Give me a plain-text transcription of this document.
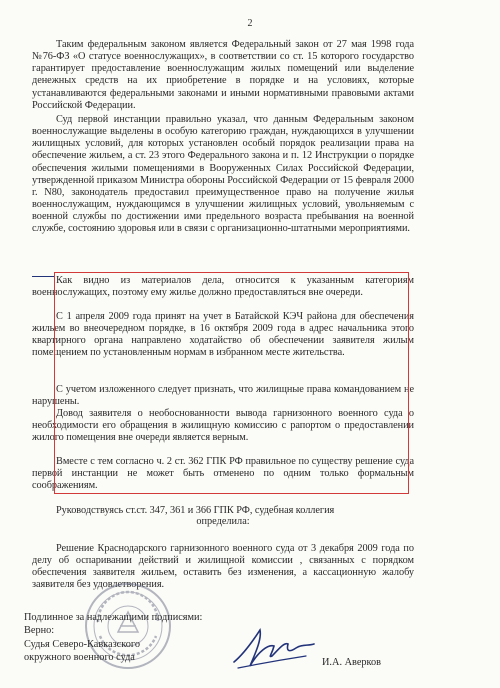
2

Таким федеральным законом является Федеральный закон от 27 мая 1998 года №76-ФЗ «О статусе военнослужащих», в соответствии со ст. 15 которого государство гарантирует предоставление военнослужащим жилых помещений или выделение денежных средств на их приобретение в порядке и на условиях, которые устанавливаются федеральными законами и иными нормативными правовыми актами Российской Федерации.

Суд первой инстанции правильно указал, что данным Федеральным законом военнослужащие выделены в особую категорию граждан, нуждающихся в улучшении жилищных условий, для которых установлен особый порядок реализации права на обеспечение жильем, а ст. 23 этого Федерального закона и п. 12 Инструкции о порядке обеспечения жилыми помещениями в Вооруженных Силах Российской Федерации, утвержденной приказом Министра обороны Российской Федерации от 15 февраля 2000 г. N80, законодатель предоставил преимущественное право на получение жилья военнослужащим, нуждающимся в улучшении жилищных условий, увольняемым с военной службы по достижении ими предельного возраста пребывания на военной службе, состоянию здоровья или в связи с организационно-штатными мероприятиями.

Как видно из материалов дела, относится к указанным категориям военнослужащих, поэтому ему жилье должно предоставляться вне очереди.

С 1 апреля 2009 года принят на учет в Батайской КЭЧ района для обеспечения жильем во внеочередном порядке, в 16 октября 2009 года в адрес начальника этого квартирного органа направлено ходатайство об обеспечении заявителя жилым помещением по установленным нормам в избранном месте жительства.

С учетом изложенного следует признать, что жилищные права командованием не нарушены.

Довод заявителя о необоснованности вывода гарнизонного военного суда о необходимости его обращения в жилищную комиссию с рапортом о предоставлении жилого помещения вне очереди является верным.

Вместе с тем согласно ч. 2 ст. 362 ГПК РФ правильное по существу решение суда первой инстанции не может быть отменено по одним только формальным соображениям.

Руководствуясь ст.ст. 347, 361 и 366 ГПК РФ, судебная коллегия

определила:

Решение Краснодарского гарнизонного военного суда от 3 декабря 2009 года по делу об оспаривании действий и жилищной комиссии , связанных с порядком обеспечения заявителя жильем, оставить без изменения, а кассационную жалобу заявителя без удовлетворения.

Подлинное за надлежащими подписями:
Верно:
Судья Северо-Кавказского
окружного военного суда	И.А. Аверков
